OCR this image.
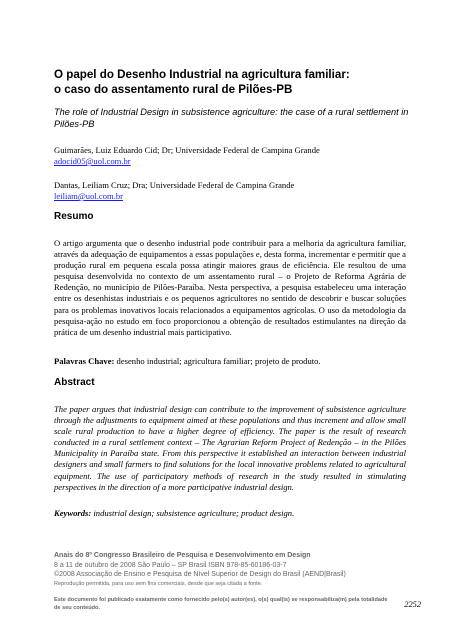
O papel do Desenho Industrial na agricultura familiar:
o caso do assentamento rural de Pilões-PB

The role of Industrial Design in subsistence agriculture: the case of a rural settlement in Pilões-PB

Guimarães, Luiz Eduardo Cid; Dr; Universidade Federal de Campina Grande
adocid05@uol.com.br
Dantas, Leiliam Cruz; Dra; Universidade Federal de Campina Grande
leiliam@uol.com.br
Resumo

O artigo argumenta que o desenho industrial pode contribuir para a melhoria da agricultura familiar, através da adequação de equipamentos a essas populações e, desta forma, incrementar e permitir que a produção rural em pequena escala possa atingir maiores graus de eficiência. Ele resultou de uma pesquisa desenvolvida no contexto de um assentamento rural – o Projeto de Reforma Agrária de Redenção, no município de Pilões-Paraíba. Nesta perspectiva, a pesquisa estabeleceu uma interação entre os desenhistas industriais e os pequenos agricultores no sentido de descobrir e buscar soluções para os problemas inovativos locais relacionados a equipamentos agrícolas. O uso da metodologia da pesquisa-ação no estudo em foco proporcionou a obtenção de resultados estimulantes na direção da prática de um desenho industrial mais participativo.

Palavras Chave: desenho industrial; agricultura familiar; projeto de produto.

Abstract

The paper argues that industrial design can contribute to the improvement of subsistence agriculture through the adjustments to equipment aimed at these populations and thus increment and allow small scale rural production to have a higher degree of efficiency. The paper is the result of research conducted in a rural settlement context – The Agrarian Reform Project of Redenção – in the Pilões Municipality in Paraíba state. From this perspective it established an interaction between industrial designers and small farmers to find solutions for the local innovative problems related to agricultural equipment. The use of participatory methods of research in the study resulted in stimulating perspectives in the direction of a more participative industrial design.

Keywords: industrial design; subsistence agriculture; product design.

Anais do 8º Congresso Brasileiro de Pesquisa e Desenvolvimento em Design
8 a 11 de outubro de 2008 São Paulo – SP Brasil ISBN 978-85-60186-03-7
©2008 Associação de Ensino e Pesquisa de Nível Superior de Design do Brasil (AEND|Brasil)
Reprodução permitida, para uso sem fins comerciais, desde que seja citada a fonte.
Este documento foi publicado exatamente como fornecido pelo(s) autor(es), o(s) qual(is) se responsabiliza(m) pela totalidade de seu conteúdo.	2252
